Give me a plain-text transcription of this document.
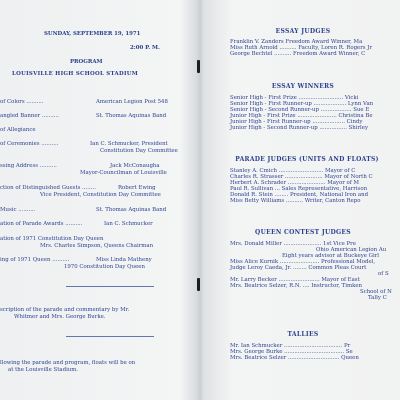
SUNDAY, SEPTEMBER 19, 1971
2:00 P. M.
PROGRAM
LOUISVILLE HIGH SCHOOL STADIUM
of Colors ..........	American Legion Post 548
angled Banner ..........	St. Thomas Aquinas Band
of Allegiance
of Ceremonies ..........	Ian C. Schmucker, President
Constitution Day Committee
ssing Address ..........	Jack McConaugha
Mayor-Councilman of Louisville
ction of Distinguished Guests ........	Robert Ewing
Vice President, Constitution Day Committee
Music ..........	St. Thomas Aquinas Band
ation of Parade Awards ..........	Ian C. Schmucker
ation of 1971 Constitution Day Queen
Mrs. Charles Simpson, Queens Chairman
ing of 1971 Queen ..........	Miss Linda Matheny
1970 Constitution Day Queen
scription of the parade and commentary by Mr.
Whitmer and Mrs. George Burke.
llowing the parade and program, floats will be on
at the Louisville Stadium.
ESSAY JUDGES
Franklin V. Zanders Freedom Award Winner, Ma
Miss Ruth Arnold .......... Faculty, Loren R. Rogers Jr
George Bechtel .......... Freedom Award Winner, C
ESSAY WINNERS
Senior High - First Prize .......................... Vicki
Senior High - First Runner-up ................... Lynn Van
Senior High - Second Runner-up .................. Sue E
Junior High - First Prize ....................... Christina Be
Junior High - First Runner-up ................... Cindy
Junior High - Second Runner-up ................ Shirley
PARADE JUDGES (UNITS AND FLOATS)
Stanley A. Cmich .......................... Mayor of C
Charles R. Strasser ...................... Mayor of North C
Herbert A. Schrader ...................... Mayor of M
Paul R. Sullivan ... Sales Representative, Harrison
Donald R. Stein ........ President, National Iron and
Miss Betty Williams .......... Writer, Canton Repo
QUEEN CONTEST JUDGES
Mrs. Donald Miller ...................... 1st Vice Pre
Ohio American Legion Au
Eight years advisor at Buckeye Girl
Miss Alice Kurnik ....................... Professional Model,
Judge Leroy Caeda, Jr. ........ Common Pleas Court
of S
Mr. Larry Becker ........................ Mayor of East
Mrs. Beatrice Selzer, R.N. .... Instructor, Timken
School of N
Tally C
TALLIES
Mr. Ian Schmucker .................................. Pr
Mrs. George Burke ................................... Se
Mrs. Beatrice Selzer .............................. Queen
